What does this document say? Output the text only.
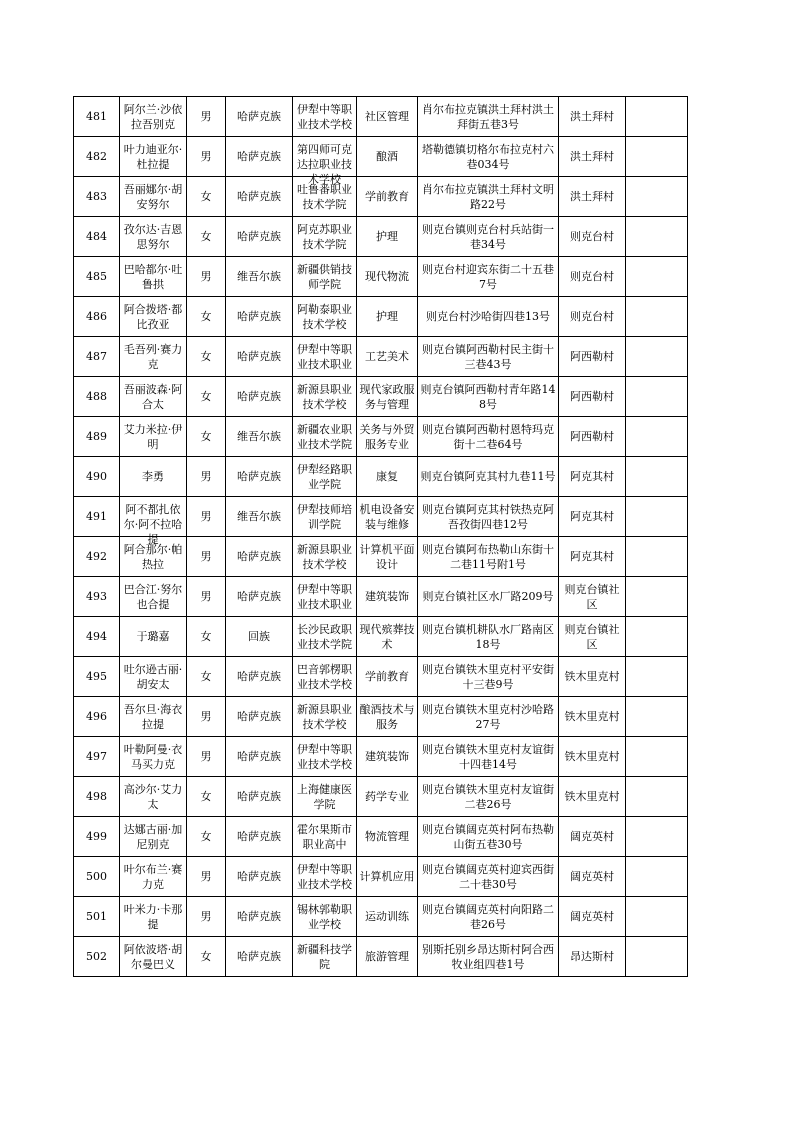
481	阿尔兰·沙依拉吾别克	男	哈萨克族	伊犁中等职业技术学校	社区管理	肖尔布拉克镇洪土拜村洪土拜街五巷3号	洪土拜村	

482	叶力迪亚尔·杜拉提	男	哈萨克族	第四师可克达拉职业技术学校	酿酒	塔勒德镇切格尔布拉克村六巷034号	洪土拜村	

483	吾丽娜尔·胡安努尔	女	哈萨克族	吐鲁番职业技术学院	学前教育	肖尔布拉克镇洪土拜村文明路22号	洪土拜村	

484	孜尔达·吉恩思努尔	女	哈萨克族	阿克苏职业技术学院	护理	则克台镇则克台村兵站街一巷34号	则克台村	

485	巴哈都尔·吐鲁拱	男	维吾尔族	新疆供销技师学院	现代物流	则克台村迎宾东街二十五巷7号	则克台村	

486	阿合拨塔·都比孜亚	女	哈萨克族	阿勒泰职业技术学校	护理	则克台村沙哈街四巷13号	则克台村	

487	毛吾列·赛力克	女	哈萨克族	伊犁中等职业技术职业	工艺美术	则克台镇阿西勒村民主街十三巷43号	阿西勒村	

488	吾丽波森·阿合太	女	哈萨克族	新源县职业技术学校	现代家政服务与管理	则克台镇阿西勒村青年路148号	阿西勒村	

489	艾力米拉·伊明	女	维吾尔族	新疆农业职业技术学院	关务与外贸服务专业	则克台镇阿西勒村恩特玛克街十二巷64号	阿西勒村	

490	李勇	男	哈萨克族	伊犁经路职业学院	康复	则克台镇阿克其村九巷11号	阿克其村	

491	阿不都扎依尔·阿不拉哈提	男	维吾尔族	伊犁技师培训学院	机电设备安装与维修	则克台镇阿克其村铁热克阿吾孜街四巷12号	阿克其村	

492	阿合那尔·帕热拉	男	哈萨克族	新源县职业技术学校	计算机平面设计	则克台镇阿布热勒山东街十二巷11号附1号	阿克其村	

493	巴合江·努尔也合提	男	哈萨克族	伊犁中等职业技术职业	建筑装饰	则克台镇社区水厂路209号	则克台镇社区	

494	于璐嘉	女	回族	长沙民政职业技术学院	现代殡葬技术	则克台镇机耕队水厂路南区18号	则克台镇社区	

495	吐尔逊古丽·胡安太	女	哈萨克族	巴音郭楞职业技术学校	学前教育	则克台镇铁木里克村平安街十三巷9号	铁木里克村	

496	吾尔旦·海衣拉提	男	哈萨克族	新源县职业技术学校	酿酒技术与服务	则克台镇铁木里克村沙哈路27号	铁木里克村	

497	叶勒阿曼·衣马买力克	男	哈萨克族	伊犁中等职业技术学校	建筑装饰	则克台镇铁木里克村友谊街十四巷14号	铁木里克村	

498	高沙尔·艾力太	女	哈萨克族	上海健康医学院	药学专业	则克台镇铁木里克村友谊街二巷26号	铁木里克村	

499	达娜古丽·加尼别克	女	哈萨克族	霍尔果斯市职业高中	物流管理	则克台镇阔克英村阿布热勒山街五巷30号	阔克英村	

500	叶尔布兰·赛力克	男	哈萨克族	伊犁中等职业技术学校	计算机应用	则克台镇阔克英村迎宾西街二十巷30号	阔克英村	

501	叶米力·卡那提	男	哈萨克族	锡林郭勒职业学校	运动训练	则克台镇阔克英村向阳路二巷26号	阔克英村	

502	阿依波塔·胡尔曼巴义	女	哈萨克族	新疆科技学院	旅游管理	别斯托别乡昂达斯村阿合西牧业组四巷1号	昂达斯村	
